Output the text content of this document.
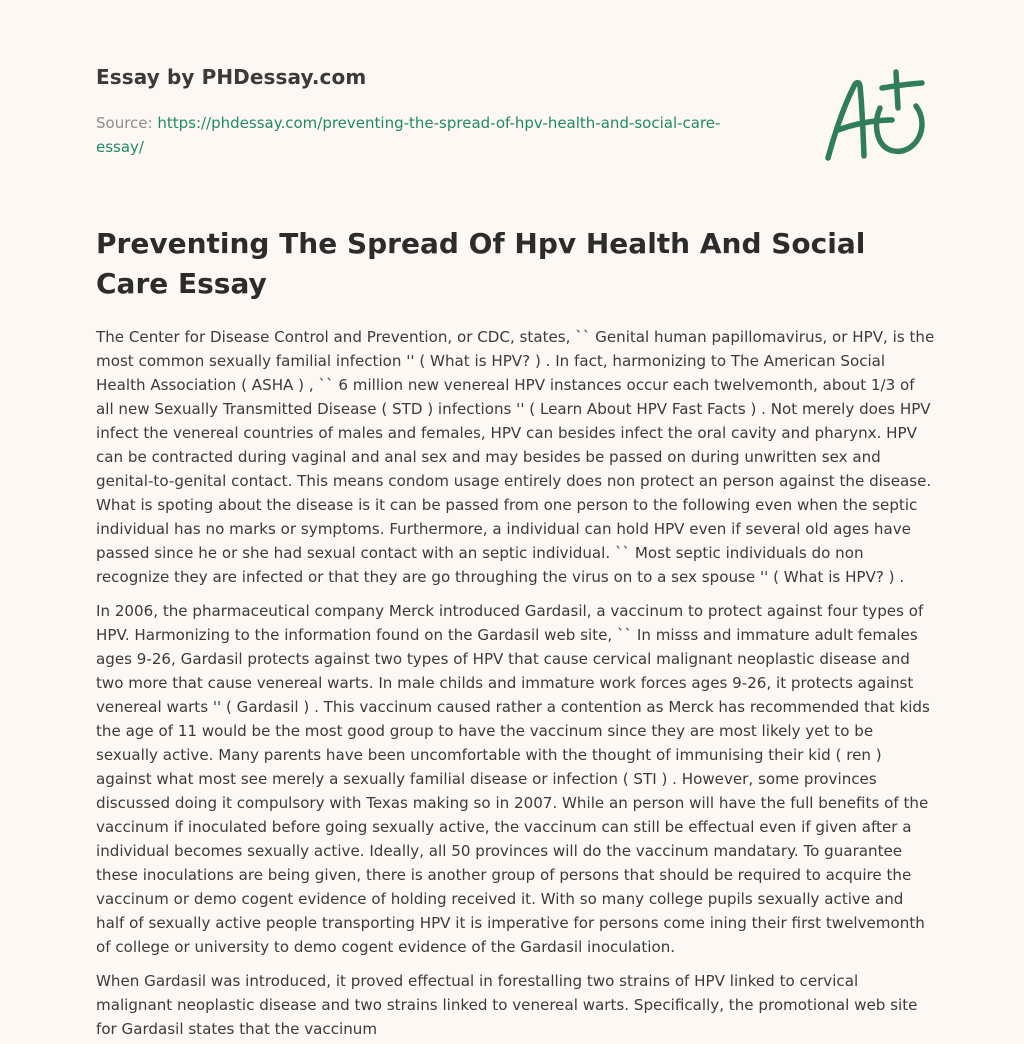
Essay by PHDessay.com
Source: https://phdessay.com/preventing-the-spread-of-hpv-health-and-social-care-essay/
Preventing The Spread Of Hpv Health And Social Care Essay

The Center for Disease Control and Prevention, or CDC, states, `` Genital human papillomavirus, or HPV, is the most common sexually familial infection '' ( What is HPV? ) . In fact, harmonizing to The American Social Health Association ( ASHA ) , `` 6 million new venereal HPV instances occur each twelvemonth, about 1/3 of all new Sexually Transmitted Disease ( STD ) infections '' ( Learn About HPV Fast Facts ) . Not merely does HPV infect the venereal countries of males and females, HPV can besides infect the oral cavity and pharynx. HPV can be contracted during vaginal and anal sex and may besides be passed on during unwritten sex and genital-to-genital contact. This means condom usage entirely does non protect an person against the disease. What is spoting about the disease is it can be passed from one person to the following even when the septic individual has no marks or symptoms. Furthermore, a individual can hold HPV even if several old ages have passed since he or she had sexual contact with an septic individual. `` Most septic individuals do non recognize they are infected or that they are go throughing the virus on to a sex spouse '' ( What is HPV? ) .

In 2006, the pharmaceutical company Merck introduced Gardasil, a vaccinum to protect against four types of HPV. Harmonizing to the information found on the Gardasil web site, `` In misss and immature adult females ages 9-26, Gardasil protects against two types of HPV that cause cervical malignant neoplastic disease and two more that cause venereal warts. In male childs and immature work forces ages 9-26, it protects against venereal warts '' ( Gardasil ) . This vaccinum caused rather a contention as Merck has recommended that kids the age of 11 would be the most good group to have the vaccinum since they are most likely yet to be sexually active. Many parents have been uncomfortable with the thought of immunising their kid ( ren ) against what most see merely a sexually familial disease or infection ( STI ) . However, some provinces discussed doing it compulsory with Texas making so in 2007. While an person will have the full benefits of the vaccinum if inoculated before going sexually active, the vaccinum can still be effectual even if given after a individual becomes sexually active. Ideally, all 50 provinces will do the vaccinum mandatary. To guarantee these inoculations are being given, there is another group of persons that should be required to acquire the vaccinum or demo cogent evidence of holding received it. With so many college pupils sexually active and half of sexually active people transporting HPV it is imperative for persons come ining their first twelvemonth of college or university to demo cogent evidence of the Gardasil inoculation.

When Gardasil was introduced, it proved effectual in forestalling two strains of HPV linked to cervical malignant neoplastic disease and two strains linked to venereal warts. Specifically, the promotional web site for Gardasil states that the vaccinum
